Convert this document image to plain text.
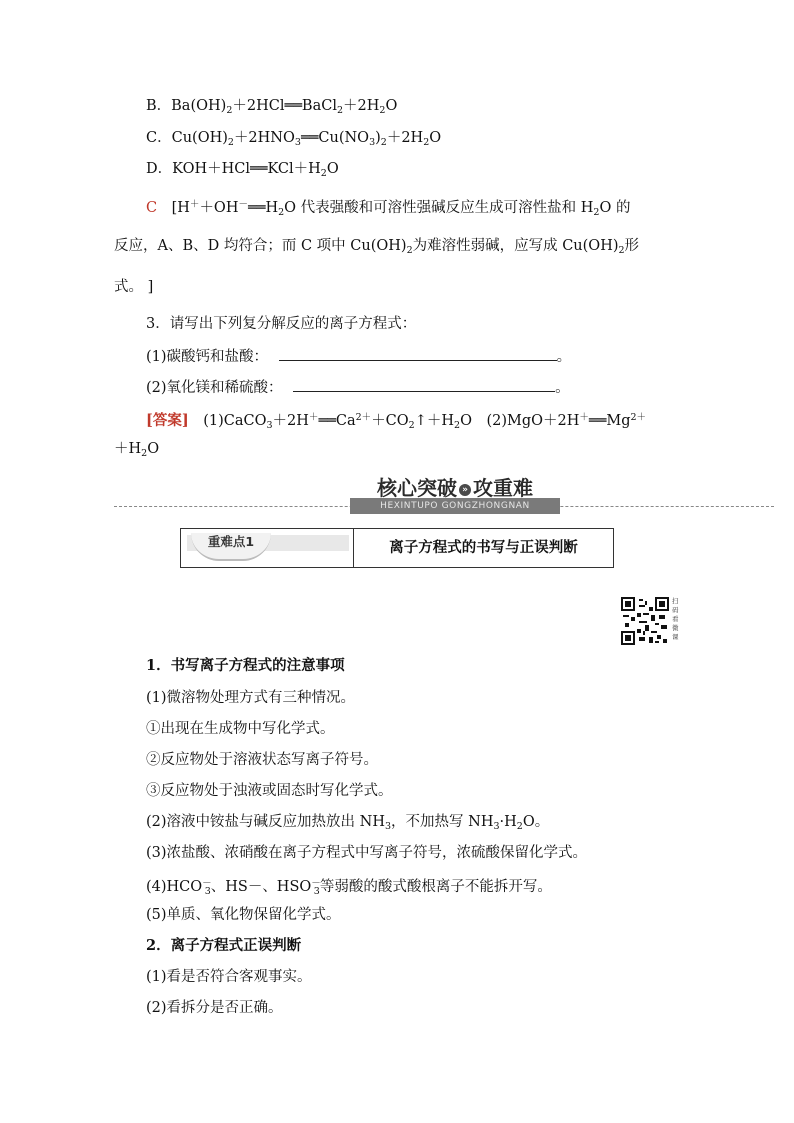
B．$Ba(OH)_2+2HCl══BaCl_2+2H_2O$
C．$Cu(OH)_2+2HNO_3══Cu(NO_3)_2+2H_2O$
D．$KOH+HCl══KCl+H_2O$
C　 [$H^++OH^-══H_2O$ 代表强酸和可溶性强碱反应生成可溶性盐和 $H_2O$ 的
反应，A、B、D 均符合；而 C 项中 $Cu(OH)_2$为难溶性弱碱，应写成 $Cu(OH)_2$形
式。 ]
3．请写出下列复分解反应的离子方程式：
(1)碳酸钙和盐酸：	。
(2)氧化镁和稀硫酸：	。
[答案]　 $(1)CaCO_3+2H^+══Ca^{2+}+CO_2↑+H_2O$　$(2)MgO+2H^+══Mg^{2+}$
$+H_2O$
HEXINTUPO GONGZHONGNAN
核心突破 » 攻重难
重难点1	离子方程式的书写与正误判断
扫码看微课
1．书写离子方程式的注意事项
(1)微溶物处理方式有三种情况。
①出现在生成物中写化学式。
②反应物处于溶液状态写离子符号。
③反应物处于浊液或固态时写化学式。
(2)溶液中铵盐与碱反应加热放出 $NH_3$，不加热写 $NH_3\cdot H_2O$。
(3)浓盐酸、浓硝酸在离子方程式中写离子符号，浓硫酸保留化学式。
$(4)HCO^-_3$、HS－、$HSO^-_3$等弱酸的酸式酸根离子不能拆开写。
(5)单质、氧化物保留化学式。
2．离子方程式正误判断
(1)看是否符合客观事实。
(2)看拆分是否正确。
